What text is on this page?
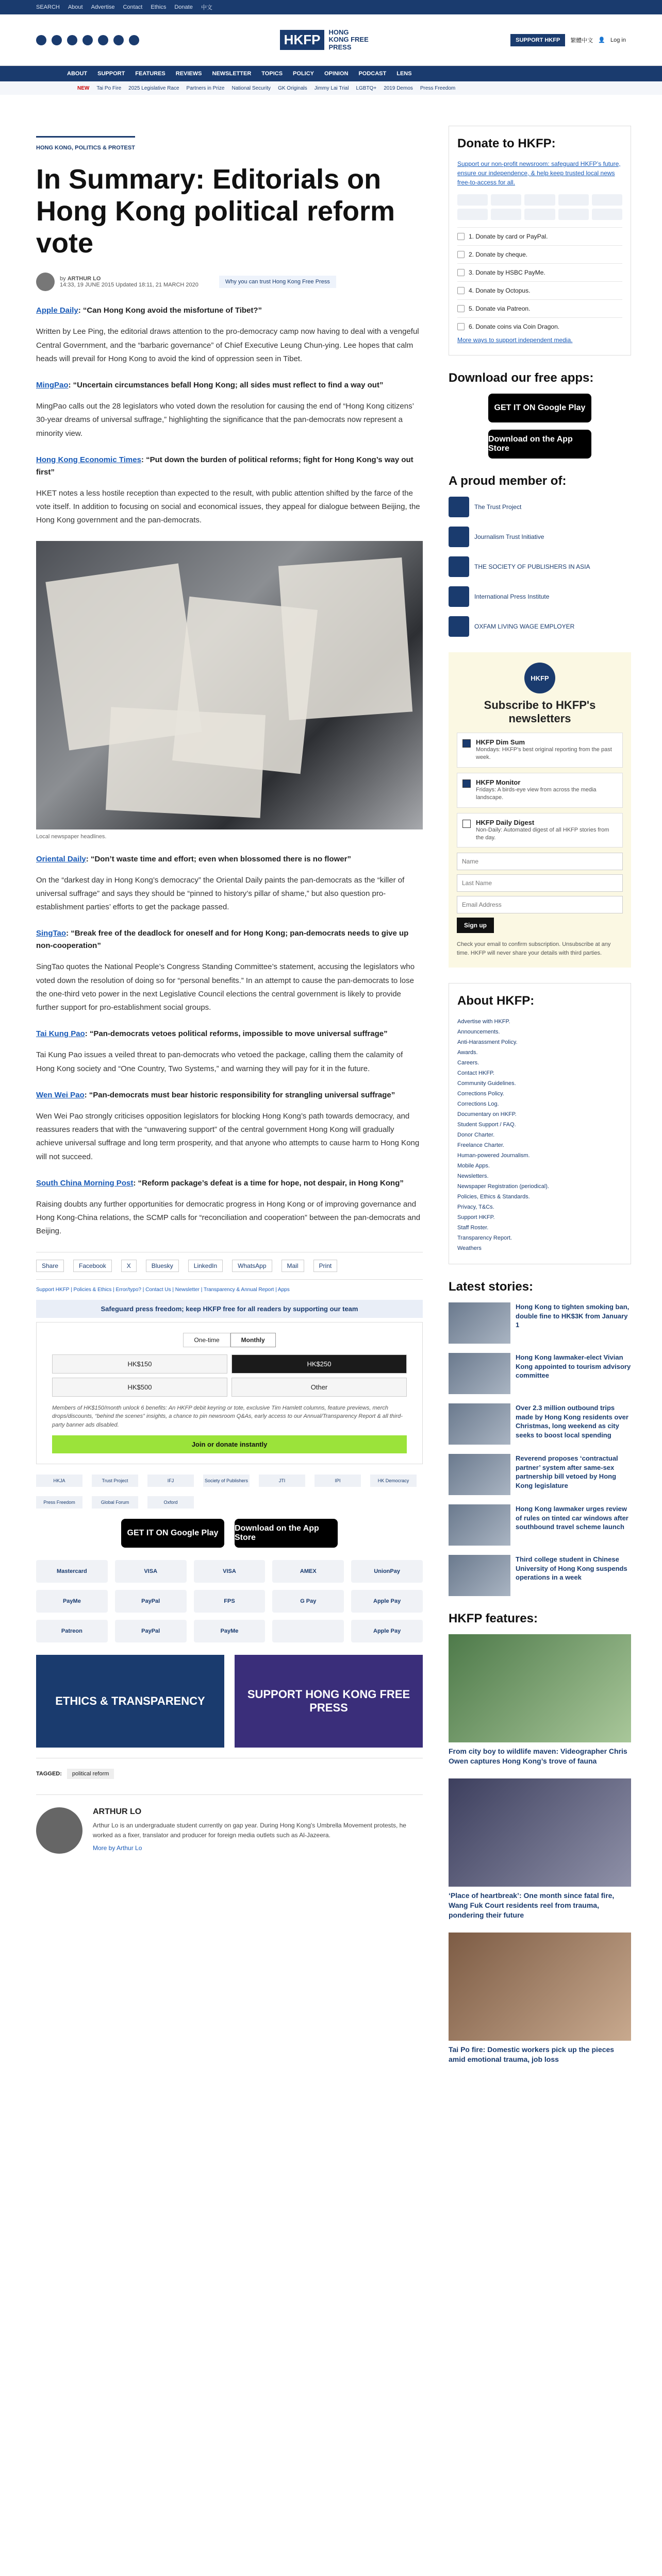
SEARCH About Advertise Contact Ethics Donate 中文
HKFP	HONG KONG FREE PRESS
SUPPORT HKFP	繁體中文 👤 Log in
ABOUT SUPPORT FEATURES REVIEWS NEWSLETTER TOPICS POLICY OPINION PODCAST LENS
NEW Tai Po Fire 2025 Legislative Race Partners in Prize National Security GK Originals Jimmy Lai Trial LGBTQ+ 2019 Demos Press Freedom
HONG KONG, POLITICS & PROTEST
In Summary: Editorials on Hong Kong political reform vote
by ARTHUR LO
14:33, 19 JUNE 2015 Updated 18:11, 21 MARCH 2020	Why you can trust Hong Kong Free Press
Apple Daily: “Can Hong Kong avoid the misfortune of Tibet?”

Written by Lee Ping, the editorial draws attention to the pro-democracy camp now having to deal with a vengeful Central Government, and the “barbaric governance” of Chief Executive Leung Chun-ying. Lee hopes that calm heads will prevail for Hong Kong to avoid the kind of oppression seen in Tibet.

MingPao: “Uncertain circumstances befall Hong Kong; all sides must reflect to find a way out”

MingPao calls out the 28 legislators who voted down the resolution for causing the end of “Hong Kong citizens’ 30-year dreams of universal suffrage,” highlighting the significance that the pan-democrats now represent a minority view.

Hong Kong Economic Times: “Put down the burden of political reforms; fight for Hong Kong’s way out first”

HKET notes a less hostile reception than expected to the result, with public attention shifted by the farce of the vote itself. In addition to focusing on social and economical issues, they appeal for dialogue between Beijing, the Hong Kong government and the pan-democrats.

Local newspaper headlines.
Oriental Daily: “Don’t waste time and effort; even when blossomed there is no flower”

On the “darkest day in Hong Kong’s democracy” the Oriental Daily paints the pan-democrats as the “killer of universal suffrage” and says they should be “pinned to history’s pillar of shame,” but also question pro-establishment parties’ efforts to get the package passed.

SingTao: “Break free of the deadlock for oneself and for Hong Kong; pan-democrats needs to give up non-cooperation”

SingTao quotes the National People’s Congress Standing Committee’s statement, accusing the legislators who voted down the resolution of doing so for “personal benefits.” In an attempt to cause the pan-democrats to lose the one-third veto power in the next Legislative Council elections the central government is likely to provide further support for pro-establishment social groups.

Tai Kung Pao: “Pan-democrats vetoes political reforms, impossible to move universal suffrage”

Tai Kung Pao issues a veiled threat to pan-democrats who vetoed the package, calling them the calamity of Hong Kong society and “One Country, Two Systems,” and warning they will pay for it in the future.

Wen Wei Pao: “Pan-democrats must bear historic responsibility for strangling universal suffrage”

Wen Wei Pao strongly criticises opposition legislators for blocking Hong Kong’s path towards democracy, and reassures readers that with the “unwavering support” of the central government Hong Kong will gradually achieve universal suffrage and long term prosperity, and that anyone who attempts to cause harm to Hong Kong will not succeed.

South China Morning Post: “Reform package’s defeat is a time for hope, not despair, in Hong Kong”

Raising doubts any further opportunities for democratic progress in Hong Kong or of improving governance and Hong Kong-China relations, the SCMP calls for “reconciliation and cooperation” between the pan-democrats and Beijing.

Share	Facebook	X	Bluesky	LinkedIn	WhatsApp	Mail	Print
Support HKFP | Policies & Ethics | Error/typo? | Contact Us | Newsletter | Transparency & Annual Report | Apps
Safeguard press freedom; keep HKFP free for all readers by supporting our team
One-time	Monthly
HK$150	HK$250
HK$500	Other

Members of HK$150/month unlock 6 benefits: An HKFP debit keyring or tote, exclusive Tim Hamlett columns, feature previews, merch drops/discounts, “behind the scenes” insights, a chance to pin newsroom Q&As, early access to our Annual/Transparency Report & all third-party banner ads disabled.

Join or donate instantly
HKJA	Trust Project	IFJ	Society of Publishers	JTI	IPI	HK Democracy
Press Freedom	Global Forum	Oxford
GET IT ON Google Play
Download on the App Store
Mastercard	VISA	VISA	AMEX	UnionPay
PayMe	PayPal	FPS	G Pay	Apple Pay
Patreon	PayPal	PayMe	Apple Pay
ETHICS & TRANSPARENCY
SUPPORT HONG KONG FREE PRESS
TAGGED:	political reform
ARTHUR LO

Arthur Lo is an undergraduate student currently on gap year. During Hong Kong's Umbrella Movement protests, he worked as a fixer, translator and producer for foreign media outlets such as Al-Jazeera.

More by Arthur Lo
Donate to HKFP:

Support our non-profit newsroom: safeguard HKFP’s future, ensure our independence, & help keep trusted local news free-to-access for all.

1. Donate by card or PayPal.
2. Donate by cheque.
3. Donate by HSBC PayMe.
4. Donate by Octopus.
5. Donate via Patreon.
6. Donate coins via Coin Dragon.

More ways to support independent media.

Download our free apps:
GET IT ON Google Play
Download on the App Store
A proud member of:
The Trust Project
Journalism Trust Initiative
THE SOCIETY OF PUBLISHERS IN ASIA
International Press Institute
OXFAM LIVING WAGE EMPLOYER
HKFP
Subscribe to HKFP's newsletters
HKFP Dim Sum

Mondays: HKFP's best original reporting from the past week.

HKFP Monitor

Fridays: A birds-eye view from across the media landscape.

HKFP Daily Digest

Non-Daily: Automated digest of all HKFP stories from the day.

Name Last Name Email Address Sign up

Check your email to confirm subscription. Unsubscribe at any time. HKFP will never share your details with third parties.

About HKFP:
Advertise with HKFP.
Announcements.
Anti-Harassment Policy.
Awards.
Careers.
Contact HKFP.
Community Guidelines.
Corrections Policy.
Corrections Log.
Documentary on HKFP.
Student Support / FAQ.
Donor Charter.
Freelance Charter.
Human-powered Journalism.
Mobile Apps.
Newsletters.
Newspaper Registration (periodical).
Policies, Ethics & Standards.
Privacy, T&Cs.
Support HKFP.
Staff Roster.
Transparency Report.
Weathers
Latest stories:

Hong Kong to tighten smoking ban, double fine to HK$3K from January 1

Hong Kong lawmaker-elect Vivian Kong appointed to tourism advisory committee

Over 2.3 million outbound trips made by Hong Kong residents over Christmas, long weekend as city seeks to boost local spending

Reverend proposes ‘contractual partner’ system after same-sex partnership bill vetoed by Hong Kong legislature

Hong Kong lawmaker urges review of rules on tinted car windows after southbound travel scheme launch

Third college student in Chinese University of Hong Kong suspends operations in a week

HKFP features:

From city boy to wildlife maven: Videographer Chris Owen captures Hong Kong’s trove of fauna

‘Place of heartbreak’: One month since fatal fire, Wang Fuk Court residents reel from trauma, pondering their future

Tai Po fire: Domestic workers pick up the pieces amid emotional trauma, job loss
